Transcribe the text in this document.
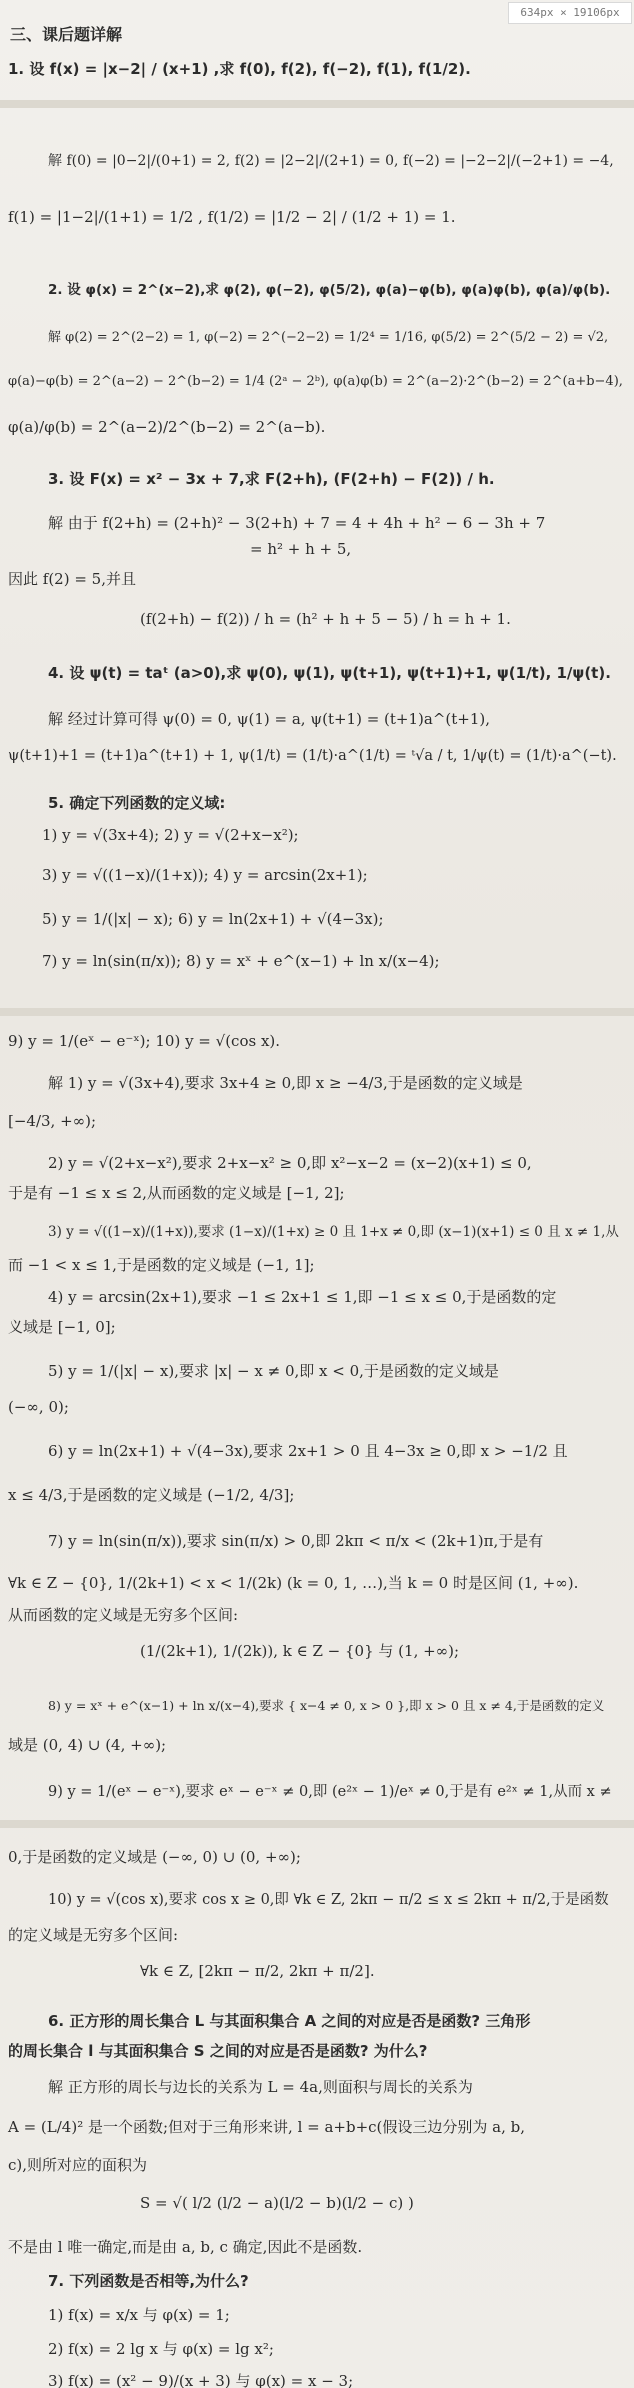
634px × 19106px
三、课后题详解
1. 设 f(x) = |x−2| / (x+1) ,求 f(0), f(2), f(−2), f(1), f(1/2).
解 f(0) = |0−2|/(0+1) = 2, f(2) = |2−2|/(2+1) = 0, f(−2) = |−2−2|/(−2+1) = −4,
f(1) = |1−2|/(1+1) = 1/2 , f(1/2) = |1/2 − 2| / (1/2 + 1) = 1.
2. 设 φ(x) = 2^(x−2),求 φ(2), φ(−2), φ(5/2), φ(a)−φ(b), φ(a)φ(b), φ(a)/φ(b).
解 φ(2) = 2^(2−2) = 1, φ(−2) = 2^(−2−2) = 1/2⁴ = 1/16, φ(5/2) = 2^(5/2 − 2) = √2,
φ(a)−φ(b) = 2^(a−2) − 2^(b−2) = 1/4 (2ᵃ − 2ᵇ), φ(a)φ(b) = 2^(a−2)·2^(b−2) = 2^(a+b−4),
φ(a)/φ(b) = 2^(a−2)/2^(b−2) = 2^(a−b).
3. 设 F(x) = x² − 3x + 7,求 F(2+h), (F(2+h) − F(2)) / h.
解 由于 f(2+h) = (2+h)² − 3(2+h) + 7 = 4 + 4h + h² − 6 − 3h + 7
= h² + h + 5,
因此 f(2) = 5,并且
(f(2+h) − f(2)) / h = (h² + h + 5 − 5) / h = h + 1.
4. 设 ψ(t) = taᵗ (a>0),求 ψ(0), ψ(1), ψ(t+1), ψ(t+1)+1, ψ(1/t), 1/ψ(t).
解 经过计算可得 ψ(0) = 0, ψ(1) = a, ψ(t+1) = (t+1)a^(t+1),
ψ(t+1)+1 = (t+1)a^(t+1) + 1, ψ(1/t) = (1/t)·a^(1/t) = ᵗ√a / t, 1/ψ(t) = (1/t)·a^(−t).
5. 确定下列函数的定义域:
1) y = √(3x+4); 2) y = √(2+x−x²);
3) y = √((1−x)/(1+x)); 4) y = arcsin(2x+1);
5) y = 1/(|x| − x); 6) y = ln(2x+1) + √(4−3x);
7) y = ln(sin(π/x)); 8) y = xˣ + e^(x−1) + ln x/(x−4);
9) y = 1/(eˣ − e⁻ˣ); 10) y = √(cos x).
解 1) y = √(3x+4),要求 3x+4 ≥ 0,即 x ≥ −4/3,于是函数的定义域是
[−4/3, +∞);
2) y = √(2+x−x²),要求 2+x−x² ≥ 0,即 x²−x−2 = (x−2)(x+1) ≤ 0,
于是有 −1 ≤ x ≤ 2,从而函数的定义域是 [−1, 2];
3) y = √((1−x)/(1+x)),要求 (1−x)/(1+x) ≥ 0 且 1+x ≠ 0,即 (x−1)(x+1) ≤ 0 且 x ≠ 1,从
而 −1 < x ≤ 1,于是函数的定义域是 (−1, 1];
4) y = arcsin(2x+1),要求 −1 ≤ 2x+1 ≤ 1,即 −1 ≤ x ≤ 0,于是函数的定
义域是 [−1, 0];
5) y = 1/(|x| − x),要求 |x| − x ≠ 0,即 x < 0,于是函数的定义域是
(−∞, 0);
6) y = ln(2x+1) + √(4−3x),要求 2x+1 > 0 且 4−3x ≥ 0,即 x > −1/2 且
x ≤ 4/3,于是函数的定义域是 (−1/2, 4/3];
7) y = ln(sin(π/x)),要求 sin(π/x) > 0,即 2kπ < π/x < (2k+1)π,于是有
∀k ∈ Z − {0}, 1/(2k+1) < x < 1/(2k) (k = 0, 1, …),当 k = 0 时是区间 (1, +∞).
从而函数的定义域是无穷多个区间:
(1/(2k+1), 1/(2k)), k ∈ Z − {0} 与 (1, +∞);
8) y = xˣ + e^(x−1) + ln x/(x−4),要求 { x−4 ≠ 0, x > 0 },即 x > 0 且 x ≠ 4,于是函数的定义
域是 (0, 4) ∪ (4, +∞);
9) y = 1/(eˣ − e⁻ˣ),要求 eˣ − e⁻ˣ ≠ 0,即 (e²ˣ − 1)/eˣ ≠ 0,于是有 e²ˣ ≠ 1,从而 x ≠
0,于是函数的定义域是 (−∞, 0) ∪ (0, +∞);
10) y = √(cos x),要求 cos x ≥ 0,即 ∀k ∈ Z, 2kπ − π/2 ≤ x ≤ 2kπ + π/2,于是函数
的定义域是无穷多个区间:
∀k ∈ Z, [2kπ − π/2, 2kπ + π/2].
6. 正方形的周长集合 L 与其面积集合 A 之间的对应是否是函数? 三角形
的周长集合 l 与其面积集合 S 之间的对应是否是函数? 为什么?
解 正方形的周长与边长的关系为 L = 4a,则面积与周长的关系为
A = (L/4)² 是一个函数;但对于三角形来讲, l = a+b+c(假设三边分别为 a, b,
c),则所对应的面积为
S = √( l/2 (l/2 − a)(l/2 − b)(l/2 − c) )
不是由 l 唯一确定,而是由 a, b, c 确定,因此不是函数.
7. 下列函数是否相等,为什么?
1) f(x) = x/x 与 φ(x) = 1;
2) f(x) = 2 lg x 与 φ(x) = lg x²;
3) f(x) = (x² − 9)/(x + 3) 与 φ(x) = x − 3;
